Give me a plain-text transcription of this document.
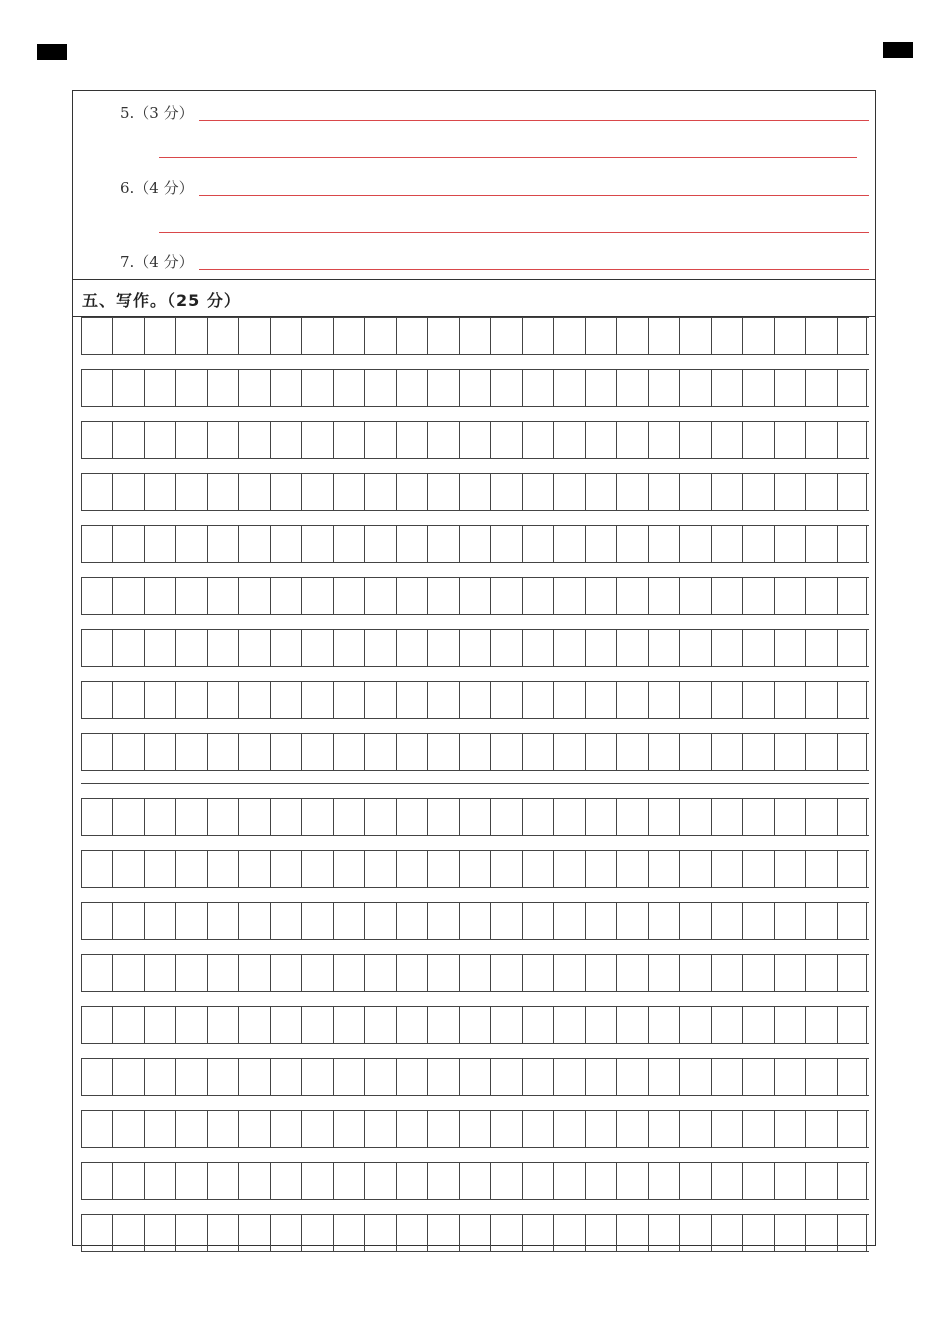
5.（3 分）
6.（4 分）
7.（4 分）
五、写作。（25 分）
